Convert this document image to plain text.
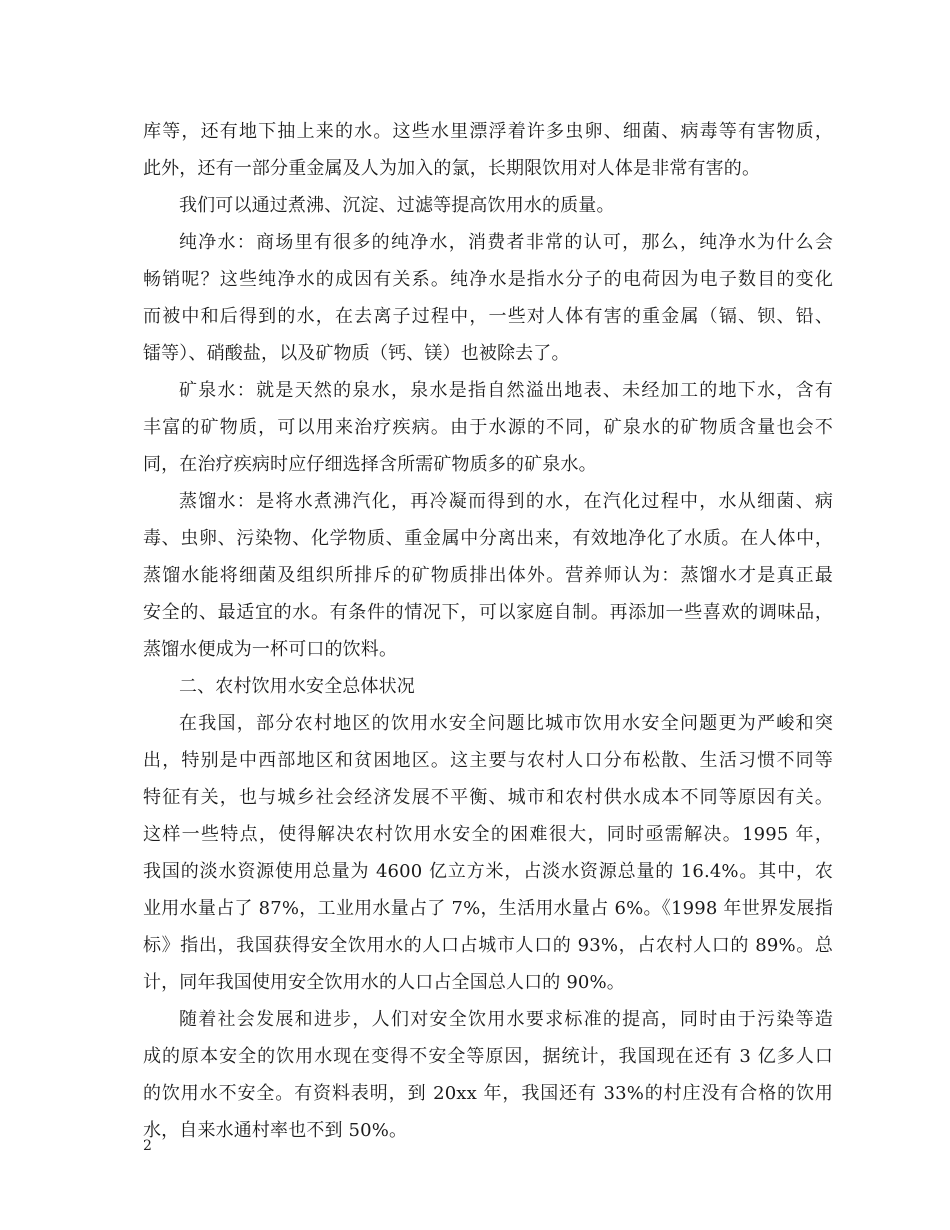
库等，还有地下抽上来的水。这些水里漂浮着许多虫卵、细菌、病毒等有害物质，
此外，还有一部分重金属及人为加入的氯，长期限饮用对人体是非常有害的。

我们可以通过煮沸、沉淀、过滤等提高饮用水的质量。

纯净水：商场里有很多的纯净水，消费者非常的认可，那么，纯净水为什么会
畅销呢？这些纯净水的成因有关系。纯净水是指水分子的电荷因为电子数目的变化
而被中和后得到的水，在去离子过程中，一些对人体有害的重金属（镉、钡、铅、
镭等）、硝酸盐，以及矿物质（钙、镁）也被除去了。

矿泉水：就是天然的泉水，泉水是指自然溢出地表、未经加工的地下水，含有
丰富的矿物质，可以用来治疗疾病。由于水源的不同，矿泉水的矿物质含量也会不
同，在治疗疾病时应仔细选择含所需矿物质多的矿泉水。

蒸馏水：是将水煮沸汽化，再冷凝而得到的水，在汽化过程中，水从细菌、病
毒、虫卵、污染物、化学物质、重金属中分离出来，有效地净化了水质。在人体中，
蒸馏水能将细菌及组织所排斥的矿物质排出体外。营养师认为：蒸馏水才是真正最
安全的、最适宜的水。有条件的情况下，可以家庭自制。再添加一些喜欢的调味品，
蒸馏水便成为一杯可口的饮料。

二、农村饮用水安全总体状况

在我国，部分农村地区的饮用水安全问题比城市饮用水安全问题更为严峻和突
出，特别是中西部地区和贫困地区。这主要与农村人口分布松散、生活习惯不同等
特征有关，也与城乡社会经济发展不平衡、城市和农村供水成本不同等原因有关。
这样一些特点，使得解决农村饮用水安全的困难很大，同时亟需解决。1995 年，
我国的淡水资源使用总量为 4600 亿立方米，占淡水资源总量的 16.4%。其中，农
业用水量占了 87%，工业用水量占了 7%，生活用水量占 6%。《1998 年世界发展指
标》指出，我国获得安全饮用水的人口占城市人口的 93%，占农村人口的 89%。总
计，同年我国使用安全饮用水的人口占全国总人口的 90%。

随着社会发展和进步，人们对安全饮用水要求标准的提高，同时由于污染等造
成的原本安全的饮用水现在变得不安全等原因，据统计，我国现在还有 3 亿多人口
的饮用水不安全。有资料表明，到 20xx 年，我国还有 33%的村庄没有合格的饮用
水，自来水通村率也不到 50%。

2
